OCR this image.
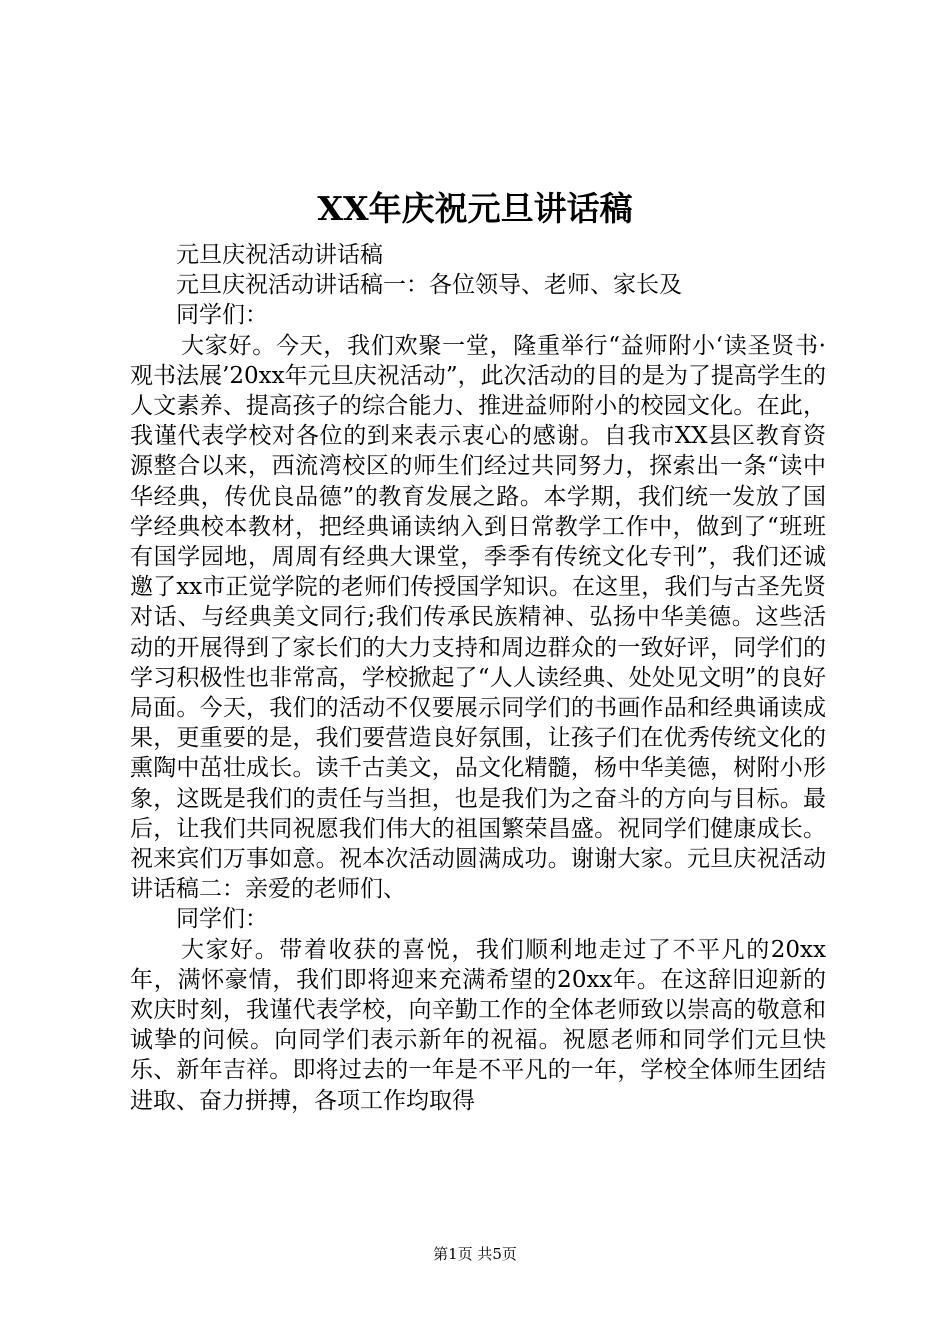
XX年庆祝元旦讲话稿

元旦庆祝活动讲话稿

元旦庆祝活动讲话稿一：各位领导、老师、家长及

同学们：

大家好。今天，我们欢聚一堂，隆重举行“益师附小‘读圣贤书·观书法展’20xx年元旦庆祝活动”，此次活动的目的是为了提高学生的人文素养、提高孩子的综合能力、推进益师附小的校园文化。在此，我谨代表学校对各位的到来表示衷心的感谢。自我市XX县区教育资源整合以来，西流湾校区的师生们经过共同努力，探索出一条“读中华经典，传优良品德”的教育发展之路。本学期，我们统一发放了国学经典校本教材，把经典诵读纳入到日常教学工作中，做到了“班班有国学园地，周周有经典大课堂，季季有传统文化专刊”，我们还诚邀了xx市正觉学院的老师们传授国学知识。在这里，我们与古圣先贤对话、与经典美文同行;我们传承民族精神、弘扬中华美德。这些活动的开展得到了家长们的大力支持和周边群众的一致好评，同学们的学习积极性也非常高，学校掀起了“人人读经典、处处见文明”的良好局面。今天，我们的活动不仅要展示同学们的书画作品和经典诵读成果，更重要的是，我们要营造良好氛围，让孩子们在优秀传统文化的熏陶中茁壮成长。读千古美文，品文化精髓，杨中华美德，树附小形象，这既是我们的责任与当担，也是我们为之奋斗的方向与目标。最后，让我们共同祝愿我们伟大的祖国繁荣昌盛。祝同学们健康成长。祝来宾们万事如意。祝本次活动圆满成功。谢谢大家。元旦庆祝活动讲话稿二：亲爱的老师们、

同学们：

大家好。带着收获的喜悦，我们顺利地走过了不平凡的20xx年，满怀豪情，我们即将迎来充满希望的20xx年。在这辞旧迎新的欢庆时刻，我谨代表学校，向辛勤工作的全体老师致以崇高的敬意和诚挚的问候。向同学们表示新年的祝福。祝愿老师和同学们元旦快乐、新年吉祥。即将过去的一年是不平凡的一年，学校全体师生团结进取、奋力拼搏，各项工作均取得

第1页 共5页
